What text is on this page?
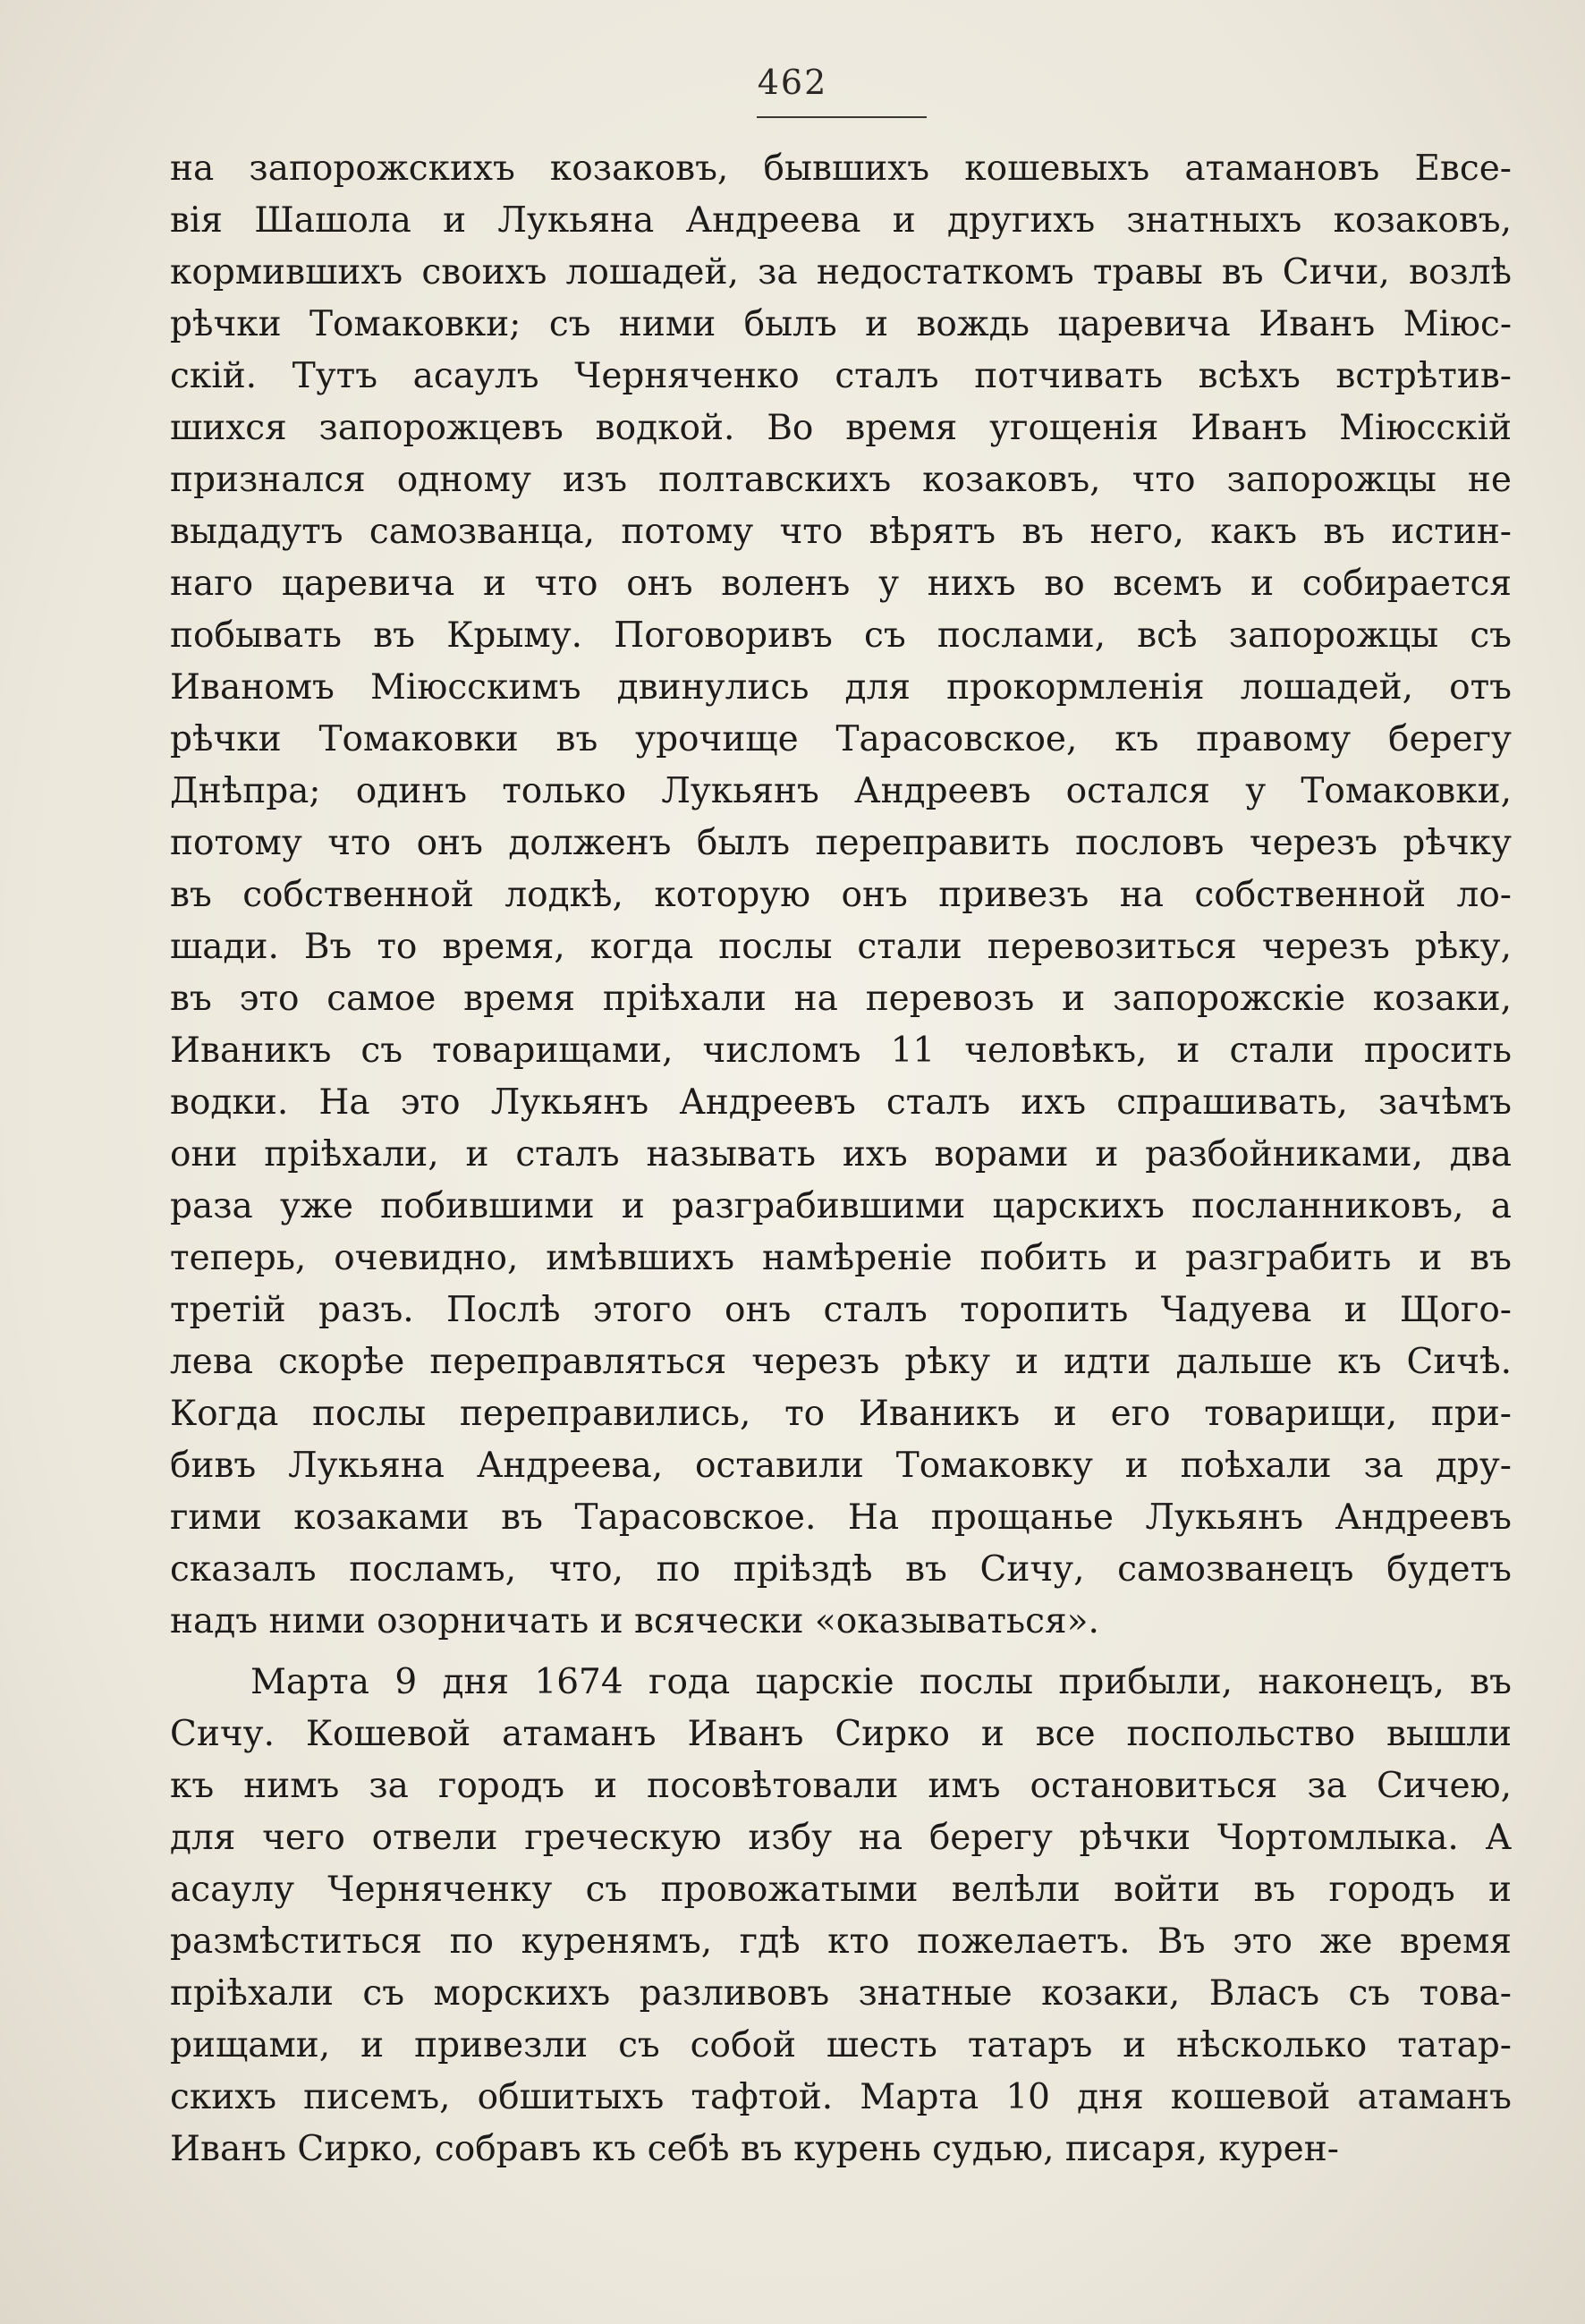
462
на запорожскихъ козаковъ, бывшихъ кошевыхъ атамановъ Евсе-
вія Шашола и Лукьяна Андреева и другихъ знатныхъ козаковъ,
кормившихъ своихъ лошадей, за недостаткомъ травы въ Сичи, возлѣ
рѣчки Томаковки; съ ними былъ и вождь царевича Иванъ Міюс-
скій. Тутъ асаулъ Черняченко сталъ потчивать всѣхъ встрѣтив-
шихся запорожцевъ водкой. Во время угощенія Иванъ Міюсскій
признался одному изъ полтавскихъ козаковъ, что запорожцы не
выдадутъ самозванца, потому что вѣрятъ въ него, какъ въ истин-
наго царевича и что онъ воленъ у нихъ во всемъ и собирается
побывать въ Крыму. Поговоривъ съ послами, всѣ запорожцы съ
Иваномъ Міюсскимъ двинулись для прокормленія лошадей, отъ
рѣчки Томаковки въ урочище Тарасовское, къ правому берегу
Днѣпра; одинъ только Лукьянъ Андреевъ остался у Томаковки,
потому что онъ долженъ былъ переправить пословъ черезъ рѣчку
въ собственной лодкѣ, которую онъ привезъ на собственной ло-
шади. Въ то время, когда послы стали перевозиться черезъ рѣку,
въ это самое время пріѣхали на перевозъ и запорожскіе козаки,
Иваникъ съ товарищами, числомъ 11 человѣкъ, и стали просить
водки. На это Лукьянъ Андреевъ сталъ ихъ спрашивать, зачѣмъ
они пріѣхали, и сталъ называть ихъ ворами и разбойниками, два
раза уже побившими и разграбившими царскихъ посланниковъ, а
теперь, очевидно, имѣвшихъ намѣреніе побить и разграбить и въ
третій разъ. Послѣ этого онъ сталъ торопить Чадуева и Щого-
лева скорѣе переправляться черезъ рѣку и идти дальше къ Сичѣ.
Когда послы переправились, то Иваникъ и его товарищи, при-
бивъ Лукьяна Андреева, оставили Томаковку и поѣхали за дру-
гими козаками въ Тарасовское. На прощанье Лукьянъ Андреевъ
сказалъ посламъ, что, по пріѣздѣ въ Сичу, самозванецъ будетъ
надъ ними озорничать и всячески «оказываться».
Марта 9 дня 1674 года царскіе послы прибыли, наконецъ, въ
Сичу. Кошевой атаманъ Иванъ Сирко и все поспольство вышли
къ нимъ за городъ и посовѣтовали имъ остановиться за Сичею,
для чего отвели греческую избу на берегу рѣчки Чортомлыка. А
асаулу Черняченку съ провожатыми велѣли войти въ городъ и
размѣститься по куренямъ, гдѣ кто пожелаетъ. Въ это же время
пріѣхали съ морскихъ разливовъ знатные козаки, Власъ съ това-
рищами, и привезли съ собой шесть татаръ и нѣсколько татар-
скихъ писемъ, обшитыхъ тафтой. Марта 10 дня кошевой атаманъ
Иванъ Сирко, собравъ къ себѣ въ курень судью, писаря, курен-
